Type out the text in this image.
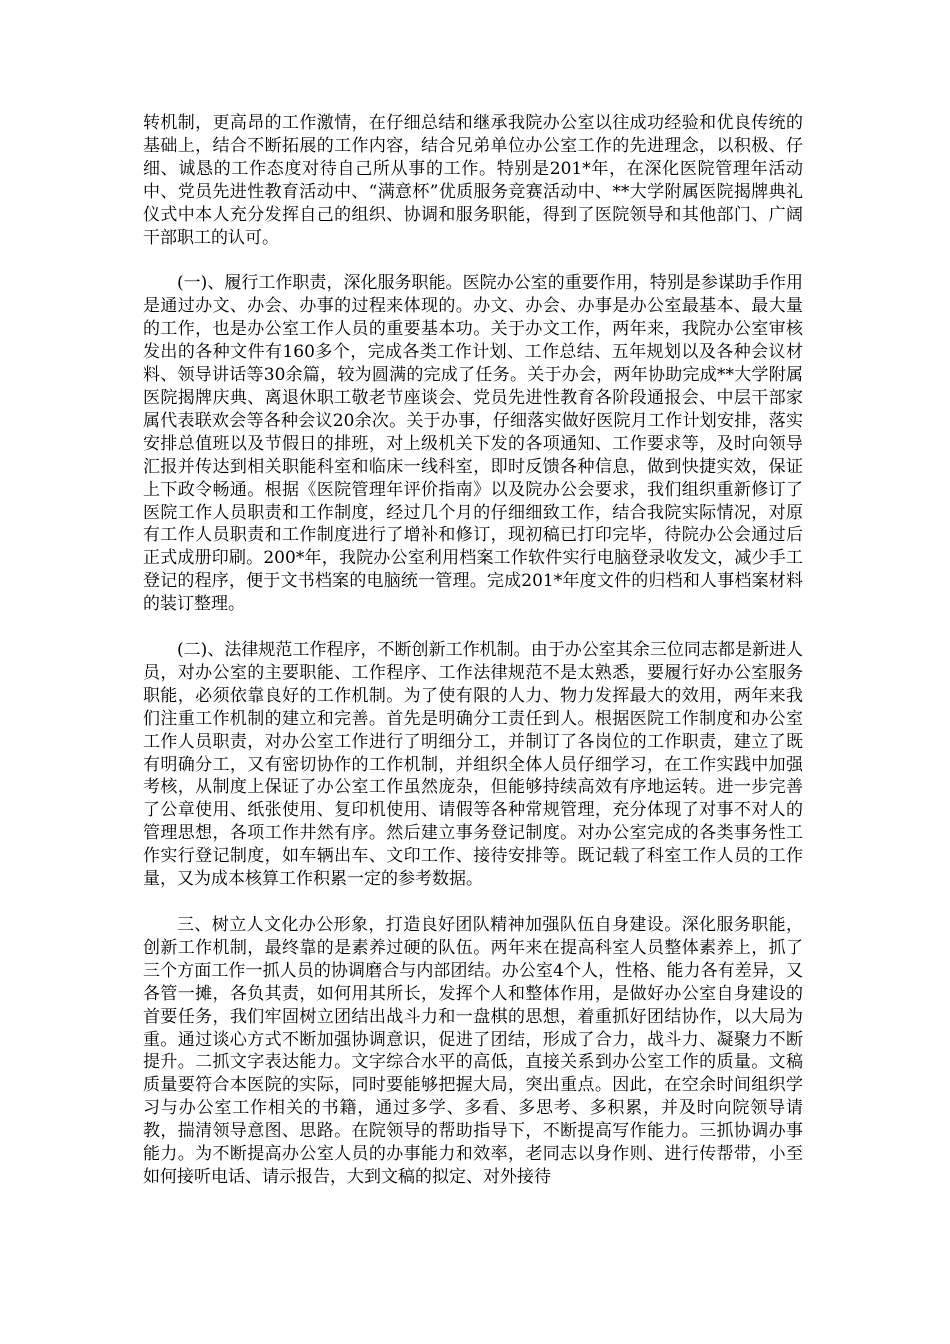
转机制，更高昂的工作激情，在仔细总结和继承我院办公室以往成功经验和优良传统的基础上，结合不断拓展的工作内容，结合兄弟单位办公室工作的先进理念，以积极、仔细、诚恳的工作态度对待自己所从事的工作。特别是201*年，在深化医院管理年活动中、党员先进性教育活动中、“满意杯”优质服务竞赛活动中、**大学附属医院揭牌典礼仪式中本人充分发挥自己的组织、协调和服务职能，得到了医院领导和其他部门、广阔干部职工的认可。

(一)、履行工作职责，深化服务职能。医院办公室的重要作用，特别是参谋助手作用是通过办文、办会、办事的过程来体现的。办文、办会、办事是办公室最基本、最大量的工作，也是办公室工作人员的重要基本功。关于办文工作，两年来，我院办公室审核发出的各种文件有160多个，完成各类工作计划、工作总结、五年规划以及各种会议材料、领导讲话等30余篇，较为圆满的完成了任务。关于办会，两年协助完成**大学附属医院揭牌庆典、离退休职工敬老节座谈会、党员先进性教育各阶段通报会、中层干部家属代表联欢会等各种会议20余次。关于办事，仔细落实做好医院月工作计划安排，落实安排总值班以及节假日的排班，对上级机关下发的各项通知、工作要求等，及时向领导汇报并传达到相关职能科室和临床一线科室，即时反馈各种信息，做到快捷实效，保证上下政令畅通。根据《医院管理年评价指南》以及院办公会要求，我们组织重新修订了医院工作人员职责和工作制度，经过几个月的仔细细致工作，结合我院实际情况，对原有工作人员职责和工作制度进行了增补和修订，现初稿已打印完毕，待院办公会通过后正式成册印刷。200*年，我院办公室利用档案工作软件实行电脑登录收发文，减少手工登记的程序，便于文书档案的电脑统一管理。完成201*年度文件的归档和人事档案材料的装订整理。

(二)、法律规范工作程序，不断创新工作机制。由于办公室其余三位同志都是新进人员，对办公室的主要职能、工作程序、工作法律规范不是太熟悉，要履行好办公室服务职能，必须依靠良好的工作机制。为了使有限的人力、物力发挥最大的效用，两年来我们注重工作机制的建立和完善。首先是明确分工责任到人。根据医院工作制度和办公室工作人员职责，对办公室工作进行了明细分工，并制订了各岗位的工作职责，建立了既有明确分工，又有密切协作的工作机制，并组织全体人员仔细学习，在工作实践中加强考核，从制度上保证了办公室工作虽然庞杂，但能够持续高效有序地运转。进一步完善了公章使用、纸张使用、复印机使用、请假等各种常规管理，充分体现了对事不对人的管理思想，各项工作井然有序。然后建立事务登记制度。对办公室完成的各类事务性工作实行登记制度，如车辆出车、文印工作、接待安排等。既记载了科室工作人员的工作量，又为成本核算工作积累一定的参考数据。

三、树立人文化办公形象，打造良好团队精神加强队伍自身建设。深化服务职能，创新工作机制，最终靠的是素养过硬的队伍。两年来在提高科室人员整体素养上，抓了三个方面工作一抓人员的协调磨合与内部团结。办公室4个人，性格、能力各有差异，又各管一摊，各负其责，如何用其所长，发挥个人和整体作用，是做好办公室自身建设的首要任务，我们牢固树立团结出战斗力和一盘棋的思想，着重抓好团结协作，以大局为重。通过谈心方式不断加强协调意识，促进了团结，形成了合力，战斗力、凝聚力不断提升。二抓文字表达能力。文字综合水平的高低，直接关系到办公室工作的质量。文稿质量要符合本医院的实际，同时要能够把握大局，突出重点。因此，在空余时间组织学习与办公室工作相关的书籍，通过多学、多看、多思考、多积累，并及时向院领导请教，揣清领导意图、思路。在院领导的帮助指导下，不断提高写作能力。三抓协调办事能力。为不断提高办公室人员的办事能力和效率，老同志以身作则、进行传帮带，小至如何接听电话、请示报告，大到文稿的拟定、对外接待
